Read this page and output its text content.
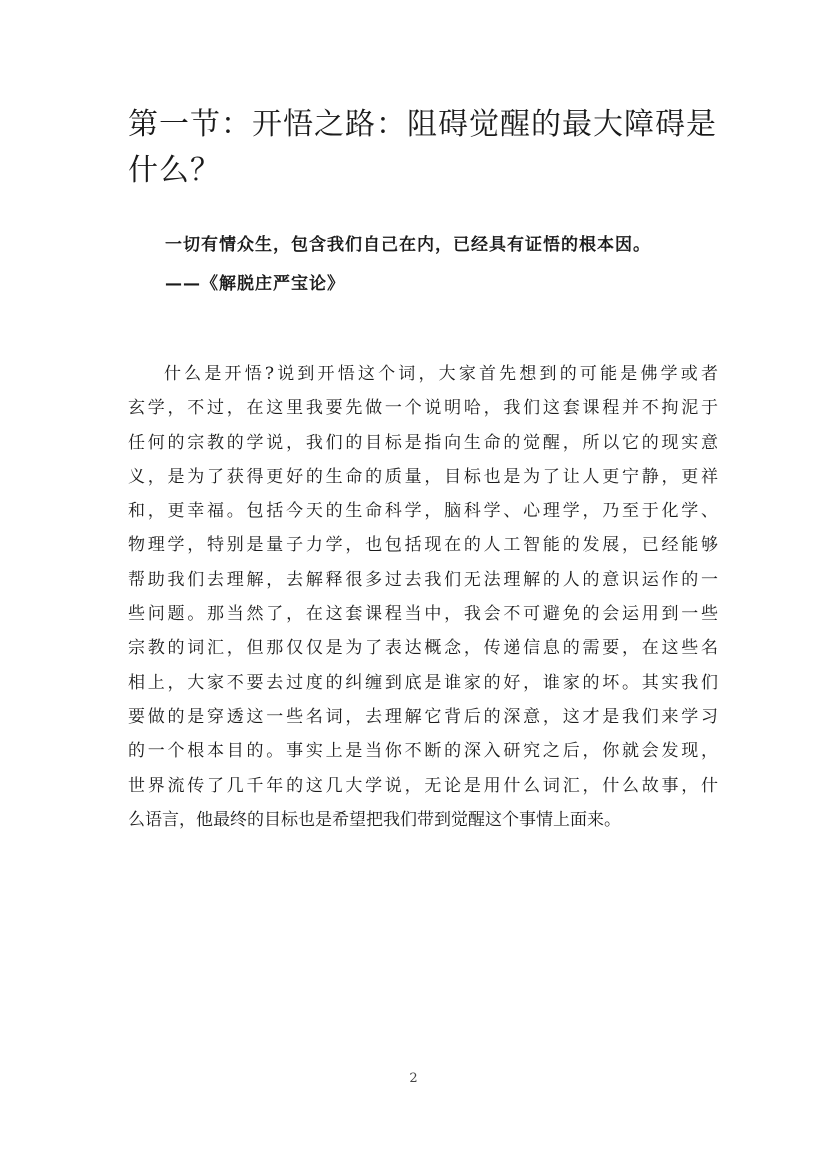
第一节：开悟之路：阻碍觉醒的最大障碍是什么？

一切有情众生，包含我们自己在内，已经具有证悟的根本因。

——《解脱庄严宝论》

什么是开悟?说到开悟这个词，大家首先想到的可能是佛学或者
玄学，不过，在这里我要先做一个说明哈，我们这套课程并不拘泥于
任何的宗教的学说，我们的目标是指向生命的觉醒，所以它的现实意
义，是为了获得更好的生命的质量，目标也是为了让人更宁静，更祥
和，更幸福。包括今天的生命科学，脑科学、心理学，乃至于化学、
物理学，特别是量子力学，也包括现在的人工智能的发展，已经能够
帮助我们去理解，去解释很多过去我们无法理解的人的意识运作的一
些问题。那当然了，在这套课程当中，我会不可避免的会运用到一些
宗教的词汇，但那仅仅是为了表达概念，传递信息的需要，在这些名
相上，大家不要去过度的纠缠到底是谁家的好，谁家的坏。其实我们
要做的是穿透这一些名词，去理解它背后的深意，这才是我们来学习
的一个根本目的。事实上是当你不断的深入研究之后，你就会发现，
世界流传了几千年的这几大学说，无论是用什么词汇，什么故事，什
么语言，他最终的目标也是希望把我们带到觉醒这个事情上面来。
2
